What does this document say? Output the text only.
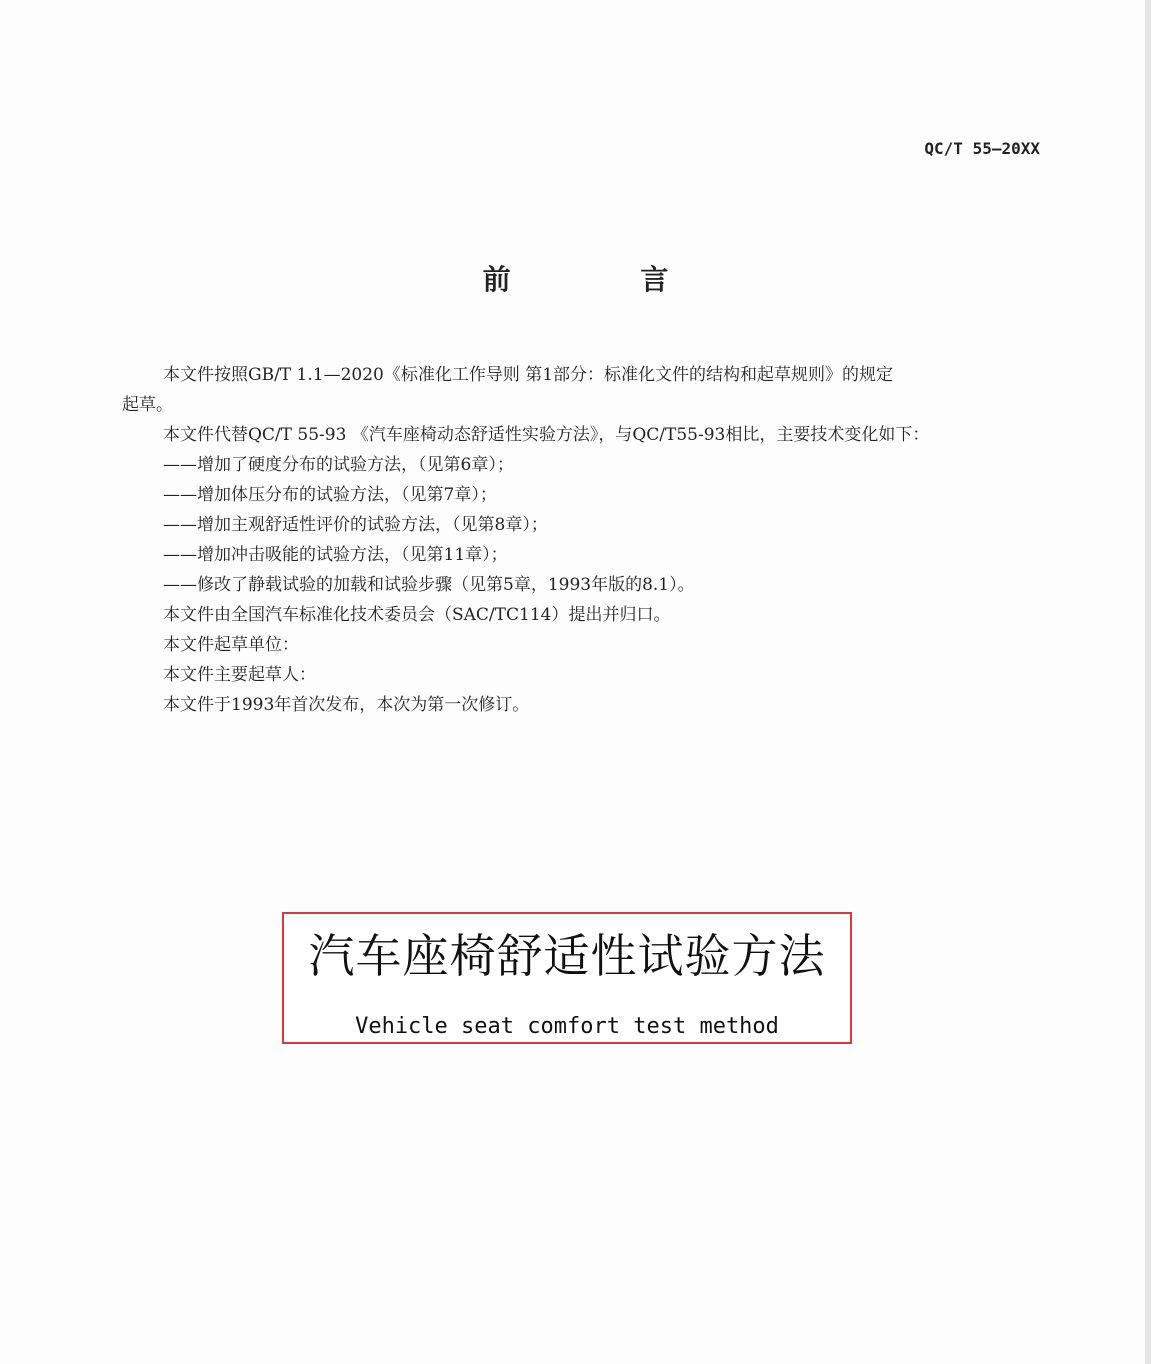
QC/T 55—20XX
前 言
本文件按照GB/T 1.1—2020《标准化工作导则 第1部分：标准化文件的结构和起草规则》的规定
起草。
本文件代替QC/T 55-93 《汽车座椅动态舒适性实验方法》，与QC/T55-93相比，主要技术变化如下：
——增加了硬度分布的试验方法，（见第6章）；
——增加体压分布的试验方法，（见第7章）；
——增加主观舒适性评价的试验方法，（见第8章）；
——增加冲击吸能的试验方法，（见第11章）；
——修改了静载试验的加载和试验步骤（见第5章，1993年版的8.1）。
本文件由全国汽车标准化技术委员会（SAC/TC114）提出并归口。
本文件起草单位：
本文件主要起草人：
本文件于1993年首次发布，本次为第一次修订。
汽车座椅舒适性试验方法
Vehicle seat comfort test method
